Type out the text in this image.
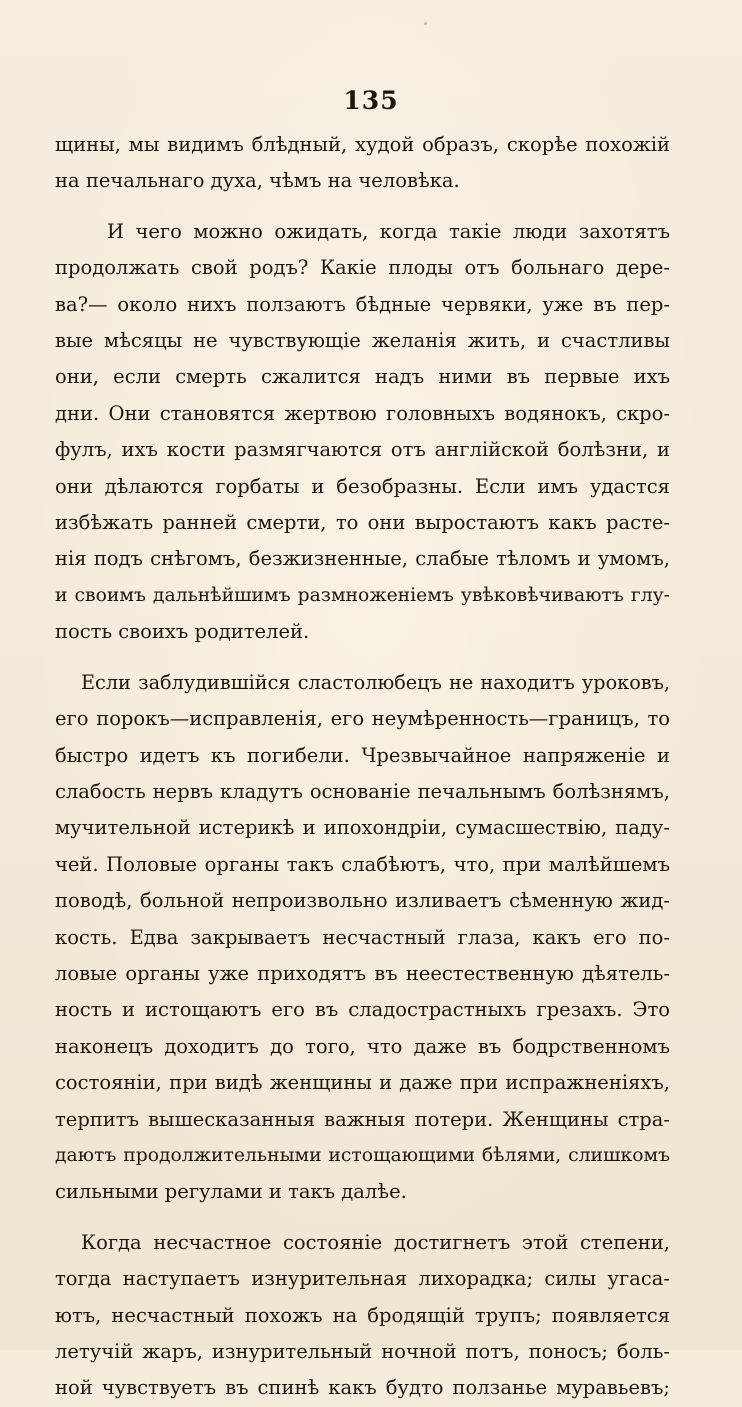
135
щины, мы видимъ блѣдный, худой образъ, скорѣе похожій
на печальнаго духа, чѣмъ на человѣка.
И чего можно ожидать, когда такіе люди захотятъ
продолжать свой родъ? Какіе плоды отъ больнаго дере-
ва?— около нихъ ползаютъ бѣдные червяки, уже въ пер-
вые мѣсяцы не чувствующіе желанія жить, и счастливы
они, если смерть сжалится надъ ними въ первые ихъ
дни. Они становятся жертвою головныхъ водянокъ, скро-
фулъ, ихъ кости размягчаются отъ англійской болѣзни, и
они дѣлаются горбаты и безобразны. Если имъ удастся
избѣжать ранней смерти, то они выростаютъ какъ расте-
нія подъ снѣгомъ, безжизненные, слабые тѣломъ и умомъ,
и своимъ дальнѣйшимъ размноженіемъ увѣковѣчиваютъ глу-
пость своихъ родителей.
Если заблудившійся сластолюбецъ не находитъ уроковъ,
его порокъ—исправленія, его неумѣренность—границъ, то
быстро идетъ къ погибели. Чрезвычайное напряженіе и
слабость нервъ кладутъ основаніе печальнымъ болѣзнямъ,
мучительной истерикѣ и ипохондріи, сумасшествію, паду-
чей. Половые органы такъ слабѣютъ, что, при малѣйшемъ
поводѣ, больной непроизвольно изливаетъ сѣменную жид-
кость. Едва закрываетъ несчастный глаза, какъ его по-
ловые органы уже приходятъ въ неестественную дѣятель-
ность и истощаютъ его въ сладострастныхъ грезахъ. Это
наконецъ доходитъ до того, что даже въ бодрственномъ
состояніи, при видѣ женщины и даже при испражненіяхъ,
терпитъ вышесказанныя важныя потери. Женщины стра-
даютъ продолжительными истощающими бѣлями, слишкомъ
сильными регулами и такъ далѣе.
Когда несчастное состояніе достигнетъ этой степени,
тогда наступаетъ изнурительная лихорадка; силы угаса-
ютъ, несчастный похожъ на бродящій трупъ; появляется
летучій жаръ, изнурительный ночной потъ, поносъ; боль-
ной чувствуетъ въ спинѣ какъ будто ползанье муравьевъ;
